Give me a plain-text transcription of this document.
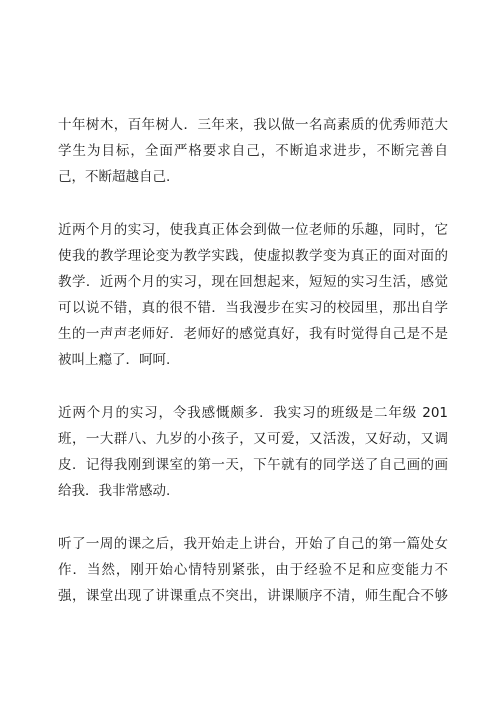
十年树木，百年树人．三年来，我以做一名高素质的优秀师范大
学生为目标，全面严格要求自己，不断追求进步，不断完善自
己，不断超越自己.

近两个月的实习，使我真正体会到做一位老师的乐趣，同时，它
使我的教学理论变为教学实践，使虚拟教学变为真正的面对面的
教学．近两个月的实习，现在回想起来，短短的实习生活，感觉
可以说不错，真的很不错．当我漫步在实习的校园里，那出自学
生的一声声老师好．老师好的感觉真好，我有时觉得自己是不是
被叫上瘾了．呵呵.

近两个月的实习，令我感慨颇多．我实习的班级是二年级 201
班，一大群八、九岁的小孩子，又可爱，又活泼，又好动，又调
皮．记得我刚到课室的第一天，下午就有的同学送了自己画的画
给我．我非常感动.

听了一周的课之后，我开始走上讲台，开始了自己的第一篇处女
作．当然，刚开始心情特别紧张，由于经验不足和应变能力不
强，课堂出现了讲课重点不突出，讲课顺序不清，师生配合不够
